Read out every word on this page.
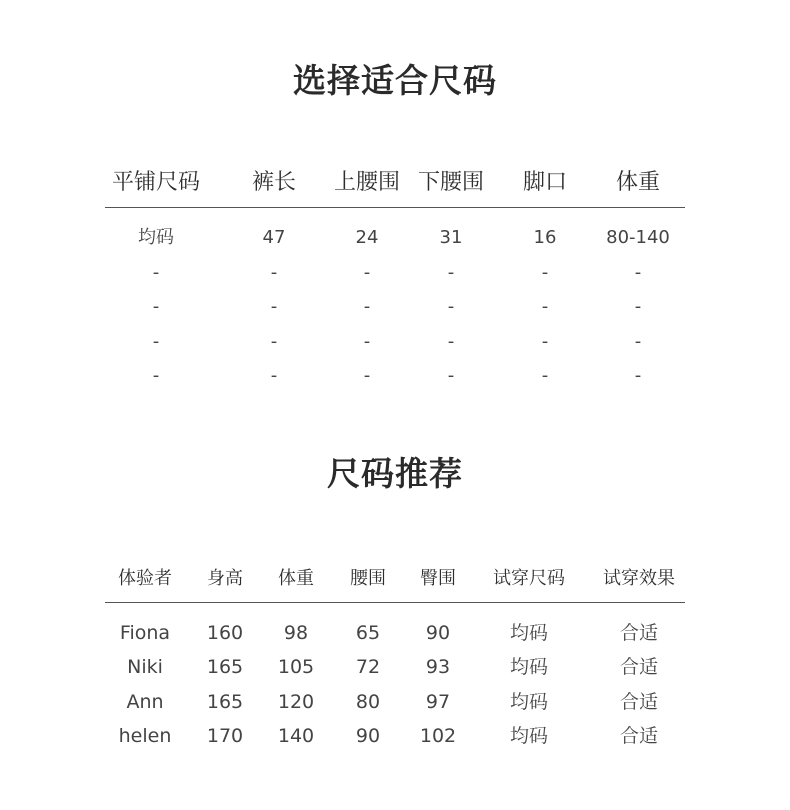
选择适合尺码
平铺尺码 裤长 上腰围 下腰围 脚口 体重
均码	47	24	31	16	80-140
-	-	-	-	-	-
-	-	-	-	-	-
-	-	-	-	-	-
-	-	-	-	-	-
尺码推荐
体验者 身高 体重 腰围 臀围 试穿尺码 试穿效果
Fiona 160 98	65 90	均码	合适
Niki 165 105 72 93	均码	合适
Ann 165 120 80 97	均码	合适
helen 170 140 90 102	均码	合适
